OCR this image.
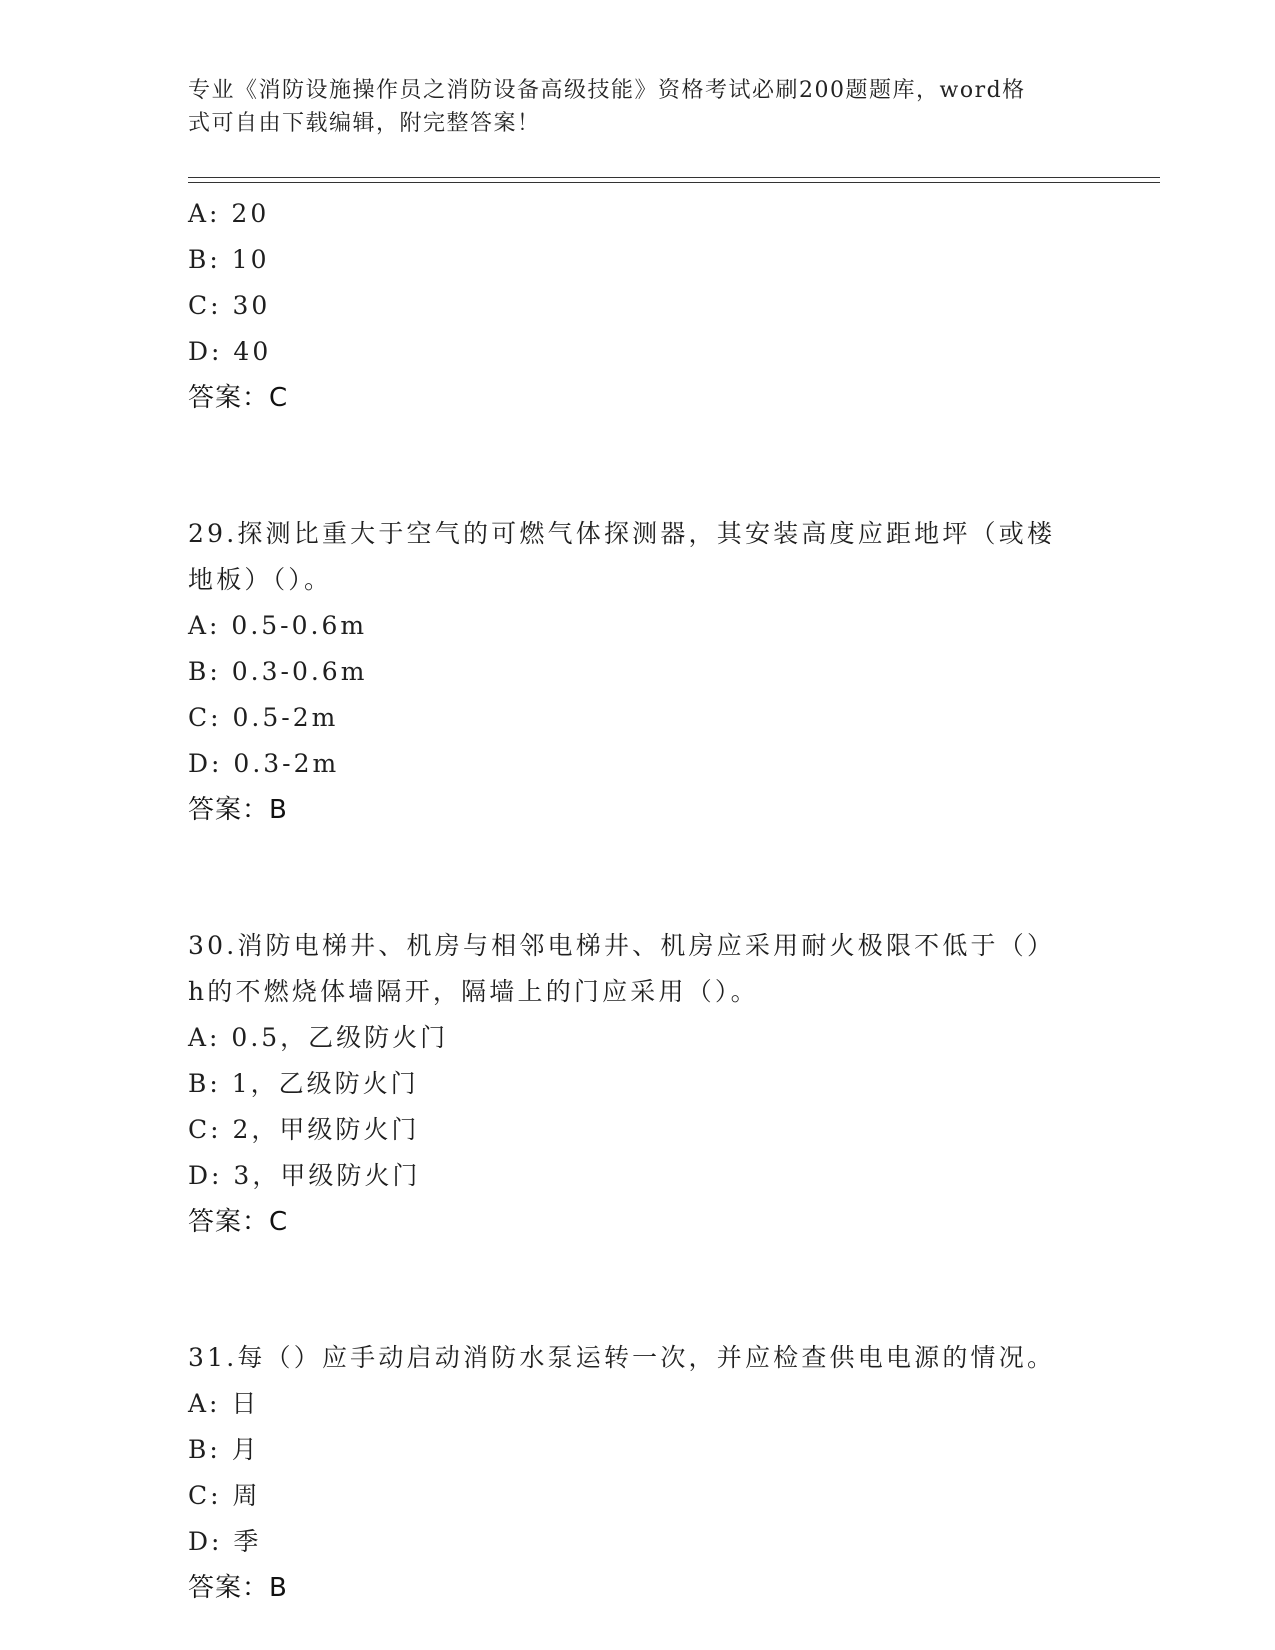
专业《消防设施操作员之消防设备高级技能》资格考试必刷200题题库，word格
式可自由下载编辑，附完整答案！
A: 20
B: 10
C: 30
D: 40
答案：C
29.探测比重大于空气的可燃气体探测器，其安装高度应距地坪（或楼
地板）（）。
A: 0.5-0.6m
B: 0.3-0.6m
C: 0.5-2m
D: 0.3-2m
答案：B
30.消防电梯井、机房与相邻电梯井、机房应采用耐火极限不低于（）
h的不燃烧体墙隔开，隔墙上的门应采用（）。
A: 0.5，乙级防火门
B: 1，乙级防火门
C: 2，甲级防火门
D: 3，甲级防火门
答案：C
31.每（）应手动启动消防水泵运转一次，并应检查供电电源的情况。
A: 日
B: 月
C: 周
D: 季
答案：B
